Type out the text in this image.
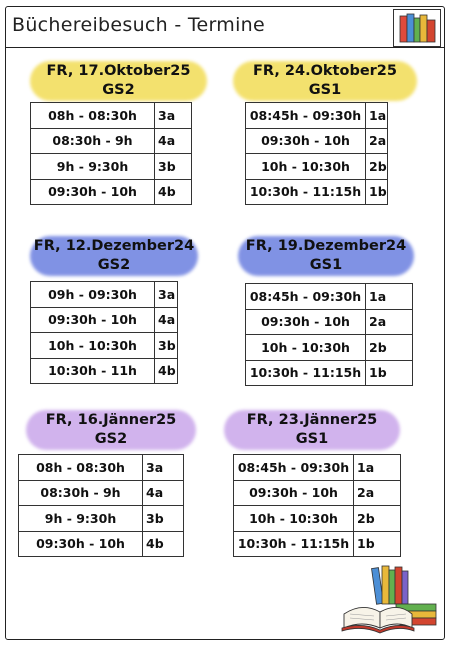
Büchereibesuch - Termine
FR, 17.Oktober25
GS2
08h - 08:30h	3a
08:30h - 9h	4a
9h - 9:30h	3b
09:30h - 10h	4b
FR, 24.Oktober25
GS1
08:45h - 09:30h	1a
09:30h - 10h	2a
10h - 10:30h	2b
10:30h - 11:15h	1b
FR, 12.Dezember24
GS2
09h - 09:30h	3a
09:30h - 10h	4a
10h - 10:30h	3b
10:30h - 11h	4b
FR, 19.Dezember24
GS1
08:45h - 09:30h	1a
09:30h - 10h	2a
10h - 10:30h	2b
10:30h - 11:15h	1b
FR, 16.Jänner25
GS2
08h - 08:30h	3a
08:30h - 9h	4a
9h - 9:30h	3b
09:30h - 10h	4b
FR, 23.Jänner25
GS1
08:45h - 09:30h	1a
09:30h - 10h	2a
10h - 10:30h	2b
10:30h - 11:15h	1b
